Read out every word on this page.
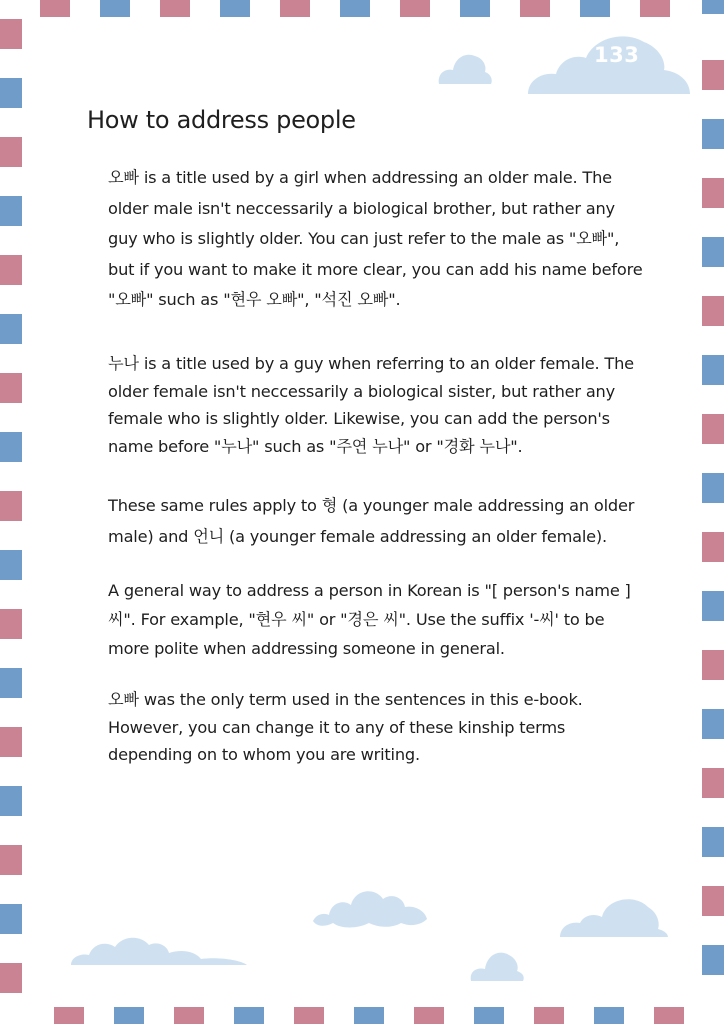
133
How to address people

오빠 is a title used by a girl when addressing an older male. The older male isn't neccessarily a biological brother, but rather any guy who is slightly older. You can just refer to the male as "오빠", but if you want to make it more clear, you can add his name before "오빠" such as "현우 오빠", "석진 오빠".

누나 is a title used by a guy when referring to an older female. The older female isn't neccessarily a biological sister, but rather any female who is slightly older. Likewise, you can add the person's name before "누나" such as "주연 누나" or "경화 누나".

These same rules apply to 형 (a younger male addressing an older male) and 언니 (a younger female addressing an older female).

A general way to address a person in Korean is "[ person's name ] 씨". For example, "현우 씨" or "경은 씨". Use the suffix '-씨' to be more polite when addressing someone in general.

오빠 was the only term used in the sentences in this e-book. However, you can change it to any of these kinship terms depending on to whom you are writing.
